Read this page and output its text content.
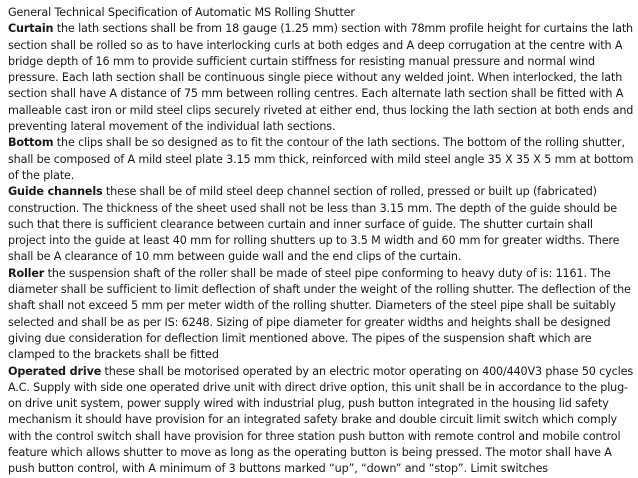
General Technical Specification of Automatic MS Rolling Shutter

Curtain the lath sections shall be from 18 gauge (1.25 mm) section with 78mm profile height for curtains the lath section shall be rolled so as to have interlocking curls at both edges and A deep corrugation at the centre with A bridge depth of 16 mm to provide sufficient curtain stiffness for resisting manual pressure and normal wind pressure. Each lath section shall be continuous single piece without any welded joint. When interlocked, the lath section shall have A distance of 75 mm between rolling centres. Each alternate lath section shall be fitted with A malleable cast iron or mild steel clips securely riveted at either end, thus locking the lath section at both ends and preventing lateral movement of the individual lath sections.

Bottom the clips shall be so designed as to fit the contour of the lath sections. The bottom of the rolling shutter, shall be composed of A mild steel plate 3.15 mm thick, reinforced with mild steel angle 35 X 35 X 5 mm at bottom of the plate.

Guide channels these shall be of mild steel deep channel section of rolled, pressed or built up (fabricated) construction. The thickness of the sheet used shall not be less than 3.15 mm. The depth of the guide should be such that there is sufficient clearance between curtain and inner surface of guide. The shutter curtain shall project into the guide at least 40 mm for rolling shutters up to 3.5 M width and 60 mm for greater widths. There shall be A clearance of 10 mm between guide wall and the end clips of the curtain.

Roller the suspension shaft of the roller shall be made of steel pipe conforming to heavy duty of is: 1161. The diameter shall be sufficient to limit deflection of shaft under the weight of the rolling shutter. The deflection of the shaft shall not exceed 5 mm per meter width of the rolling shutter. Diameters of the steel pipe shall be suitably selected and shall be as per IS: 6248. Sizing of pipe diameter for greater widths and heights shall be designed giving due consideration for deflection limit mentioned above. The pipes of the suspension shaft which are clamped to the brackets shall be fitted

Operated drive these shall be motorised operated by an electric motor operating on 400/440V3 phase 50 cycles A.C. Supply with side one operated drive unit with direct drive option, this unit shall be in accordance to the plug-on drive unit system, power supply wired with industrial plug, push button integrated in the housing lid safety mechanism it should have provision for an integrated safety brake and double circuit limit switch which comply with the control switch shall have provision for three station push button with remote control and mobile control feature which allows shutter to move as long as the operating button is being pressed. The motor shall have A push button control, with A minimum of 3 buttons marked “up”, “down” and “stop”. Limit switches
